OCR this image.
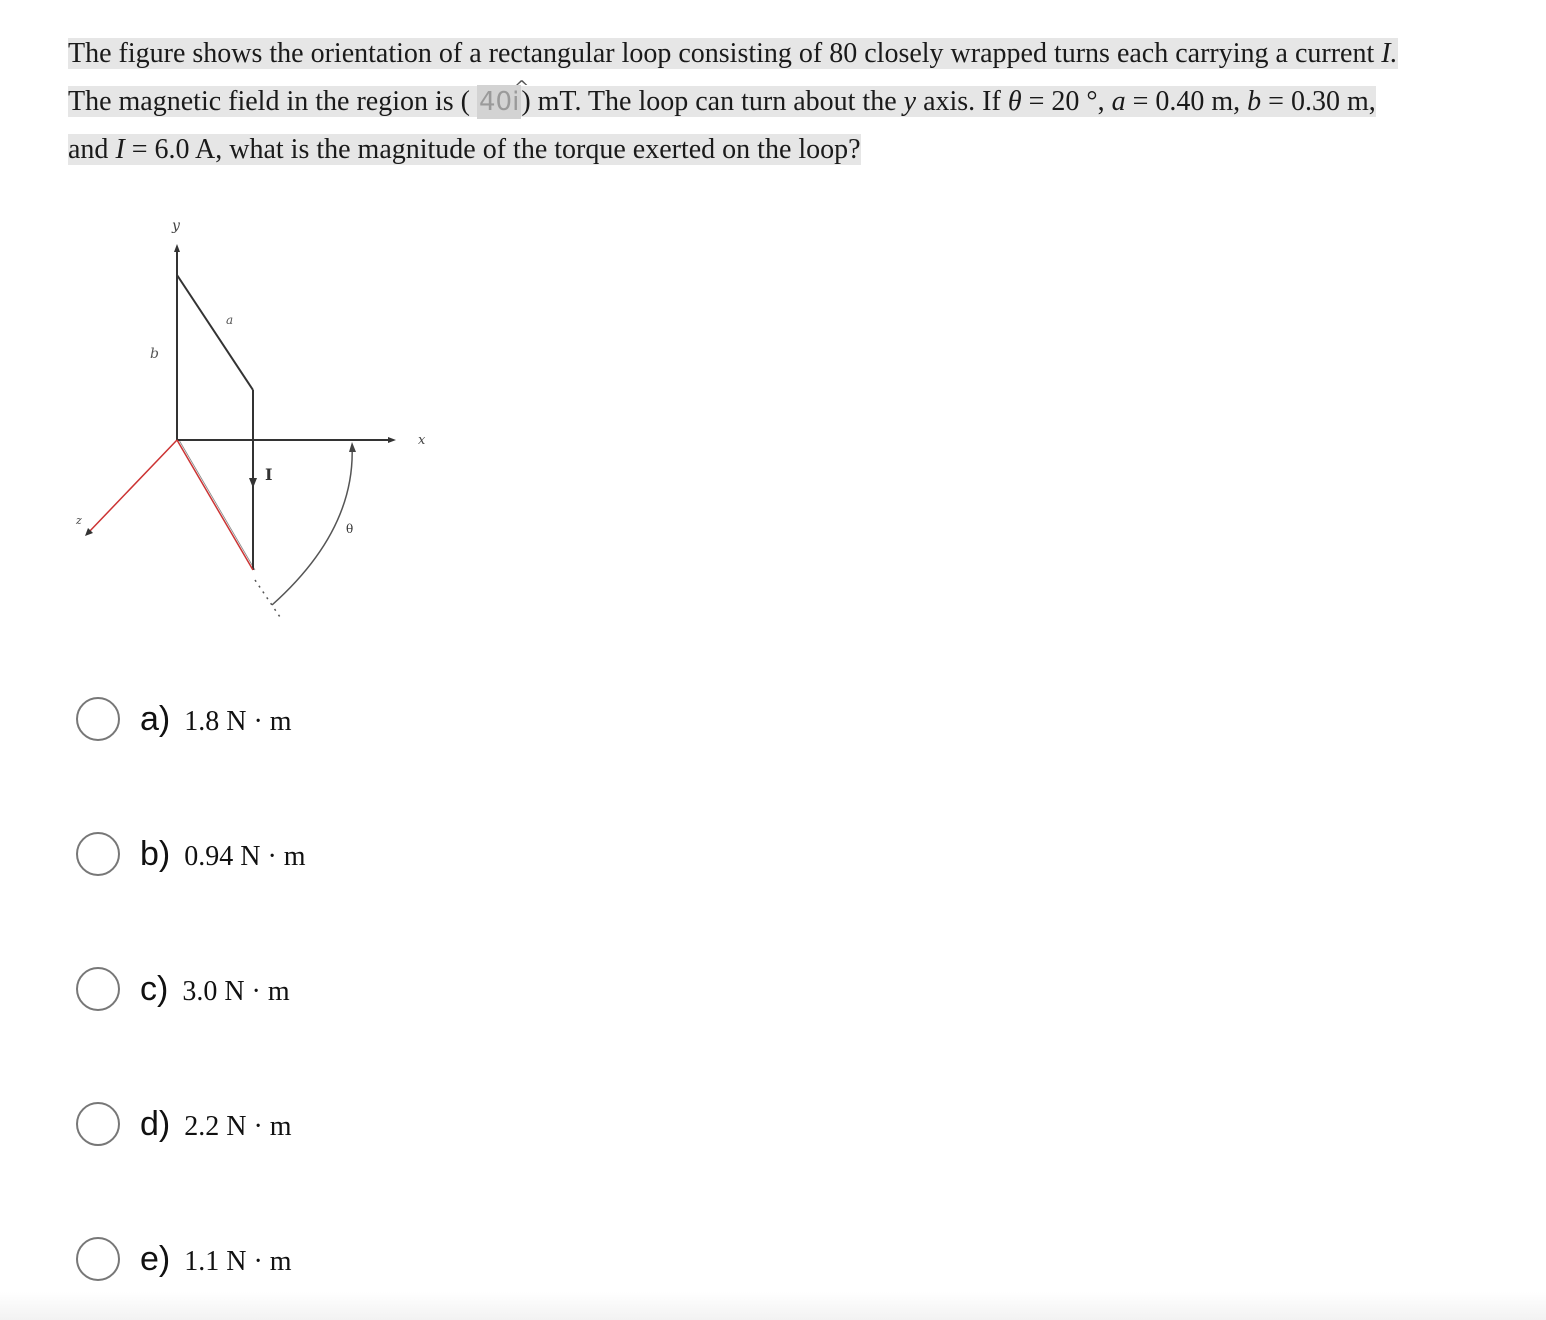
The figure shows the orientation of a rectangular loop consisting of 80 closely wrapped turns each carrying a current I.
The magnetic field in the region is ( 40^ i) mT. The loop can turn about the y axis. If θ = 20 °, a = 0.40 m, b = 0.30 m,
and I = 6.0 A, what is the magnitude of the torque exerted on the loop?
y
x
z
a
I
b
θ
a) 1.8 N · m
b) 0.94 N · m
c) 3.0 N · m
d) 2.2 N · m
e) 1.1 N · m
